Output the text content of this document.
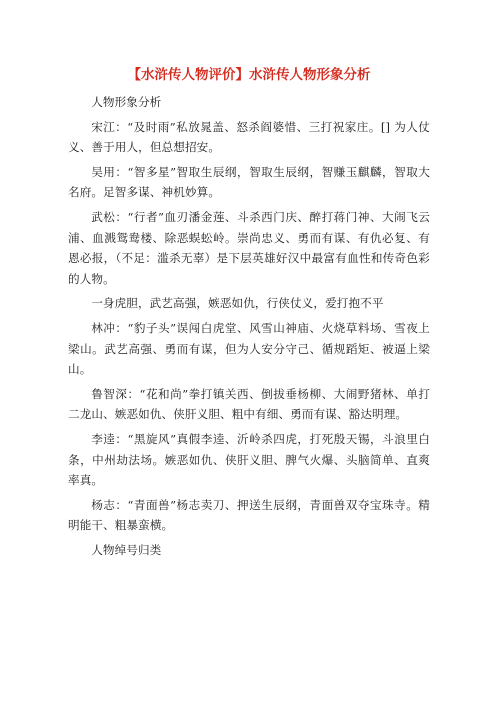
【水浒传人物评价】水浒传人物形象分析

人物形象分析

宋江：“及时雨”私放晁盖、怒杀阎婆惜、三打祝家庄。[] 为人仗义、善于用人，但总想招安。

吴用：“智多星”智取生辰纲，智取生辰纲，智赚玉麒麟，智取大名府。足智多谋、神机妙算。

武松：“行者”血刃潘金莲、斗杀西门庆、醉打蒋门神、大闹飞云浦、血溅鸳鸯楼、除恶蜈蚣岭。崇尚忠义、勇而有谋、有仇必复、有恩必报，（不足：滥杀无辜）是下层英雄好汉中最富有血性和传奇色彩的人物。

一身虎胆，武艺高强，嫉恶如仇，行侠仗义，爱打抱不平

林冲：“豹子头”误闯白虎堂、风雪山神庙、火烧草料场、雪夜上梁山。武艺高强、勇而有谋，但为人安分守己、循规蹈矩、被逼上梁山。

鲁智深：“花和尚”拳打镇关西、倒拔垂杨柳、大闹野猪林、单打二龙山、嫉恶如仇、侠肝义胆、粗中有细、勇而有谋、豁达明理。

李逵：“黑旋风”真假李逵、沂岭杀四虎，打死殷天锡，斗浪里白条，中州劫法场。嫉恶如仇、侠肝义胆、脾气火爆、头脑简单、直爽率真。

杨志：“青面兽”杨志卖刀、押送生辰纲，青面兽双夺宝珠寺。精明能干、粗暴蛮横。

人物绰号归类
